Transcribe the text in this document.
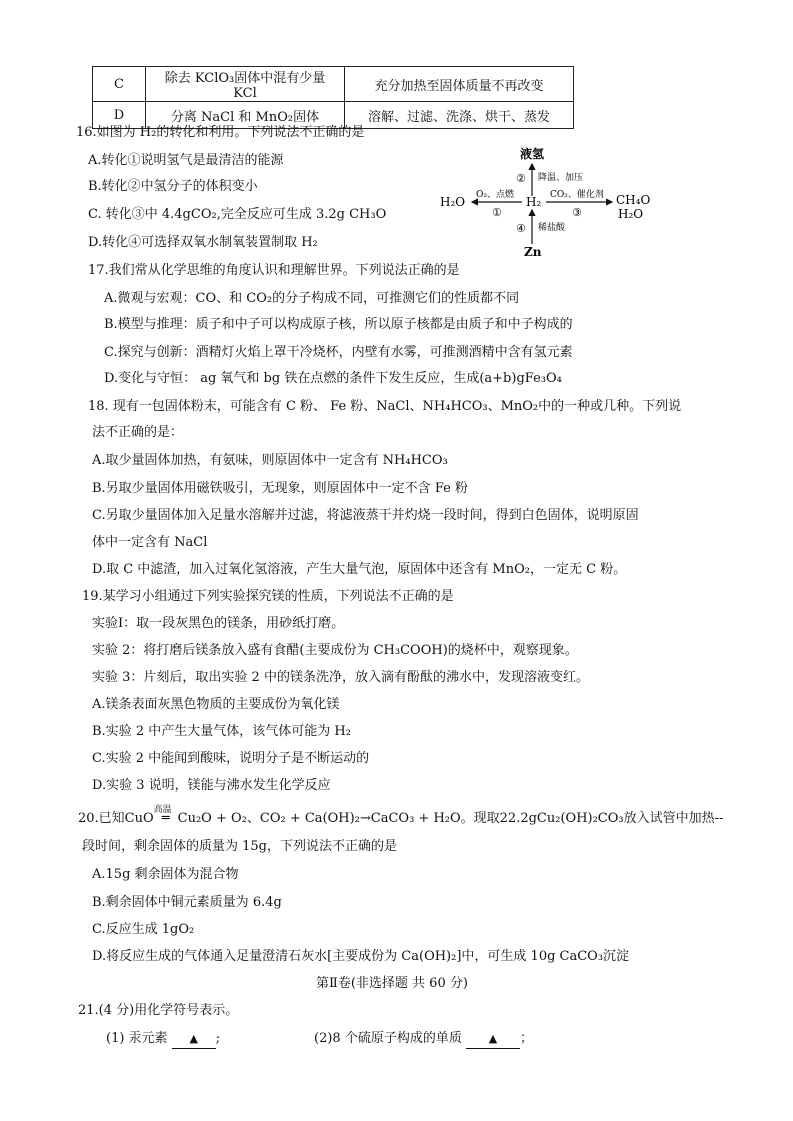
C	除去 KClO₃固体中混有少量 KCl	充分加热至固体质量不再改变
D	分离 NaCl 和 MnO₂固体	溶解、过滤、洗涤、烘干、蒸发
16.如图为 H₂的转化和利用。下列说法不正确的是
A.转化①说明氢气是最清洁的能源
B.转化②中氢分子的体积变小
C. 转化③中 4.4gCO₂,完全反应可生成 3.2g CH₃O
D.转化④可选择双氧水制氧装置制取 H₂
液氢
② 降温、加压
H₂O O₂、点燃
①
H₂ CO₂、催化剂
③
CH₄O
H₂O
④ 稀盐酸
Zn
17.我们常从化学思维的角度认识和理解世界。下列说法正确的是
A.微观与宏观：CO、和 CO₂的分子构成不同，可推测它们的性质都不同
B.模型与推理：质子和中子可以构成原子核，所以原子核都是由质子和中子构成的
C.探究与创新：酒精灯火焰上罩干冷烧杯，内壁有水雾，可推测酒精中含有氢元素
D.变化与守恒： ag 氧气和 bg 铁在点燃的条件下发生反应，生成(a+b)gFe₃O₄
18. 现有一包固体粉末，可能含有 C 粉、 Fe 粉、NaCl、NH₄HCO₃、MnO₂中的一种或几种。下列说
法不正确的是：
A.取少量固体加热，有氨味，则原固体中一定含有 NH₄HCO₃
B.另取少量固体用磁铁吸引，无现象，则原固体中一定不含 Fe 粉
C.另取少量固体加入足量水溶解并过滤，将滤液蒸干并灼烧一段时间，得到白色固体，说明原固
体中一定含有 NaCl
D.取 C 中滤渣，加入过氧化氢溶液，产生大量气泡，原固体中还含有 MnO₂，一定无 C 粉。
19.某学习小组通过下列实验探究镁的性质，下列说法不正确的是
实验Ⅰ：取一段灰黑色的镁条，用砂纸打磨。
实验 2：将打磨后镁条放入盛有食醋(主要成份为 CH₃COOH)的烧杯中，观察现象。
实验 3：片刻后，取出实验 2 中的镁条洗净，放入滴有酚酞的沸水中，发现溶液变红。
A.镁条表面灰黑色物质的主要成份为氧化镁
B.实验 2 中产生大量气体，该气体可能为 H₂
C.实验 2 中能闻到酸味，说明分子是不断运动的
D.实验 3 说明，镁能与沸水发生化学反应
20.已知CuO
高温
═ Cu₂O + O₂、CO₂ + Ca(OH)₂→CaCO₃ + H₂O。现取22.2gCu₂(OH)₂CO₃放入试管中加热--
段时间，剩余固体的质量为 15g，下列说法不正确的是
A.15g 剩余固体为混合物
B.剩余固体中铜元素质量为 6.4g
C.反应生成 1gO₂
D.将反应生成的气体通入足量澄清石灰水[主要成份为 Ca(OH)₂]中，可生成 10g CaCO₃沉淀
第Ⅱ卷(非选择题 共 60 分)
21.(4 分)用化学符号表示。
(1) 汞元素 ▲ ;	(2)8 个硫原子构成的单质 ▲ ；
